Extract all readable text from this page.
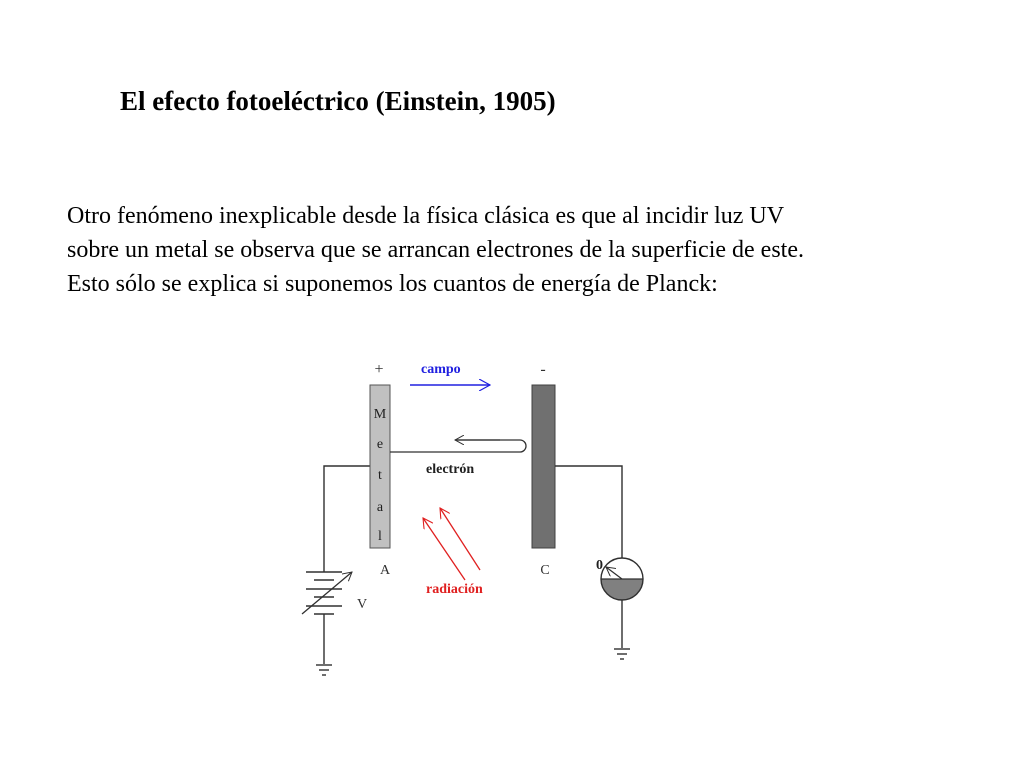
El efecto fotoeléctrico (Einstein, 1905)

Otro fenómeno inexplicable desde la física clásica es que al incidir luz UV

sobre un metal se observa que se arrancan electrones de la superficie de este.

Esto sólo se explica si suponemos los cuantos de energía de Planck:

V
M
e
t
a
l
+
A
-
C
campo
electrón
radiación
0
